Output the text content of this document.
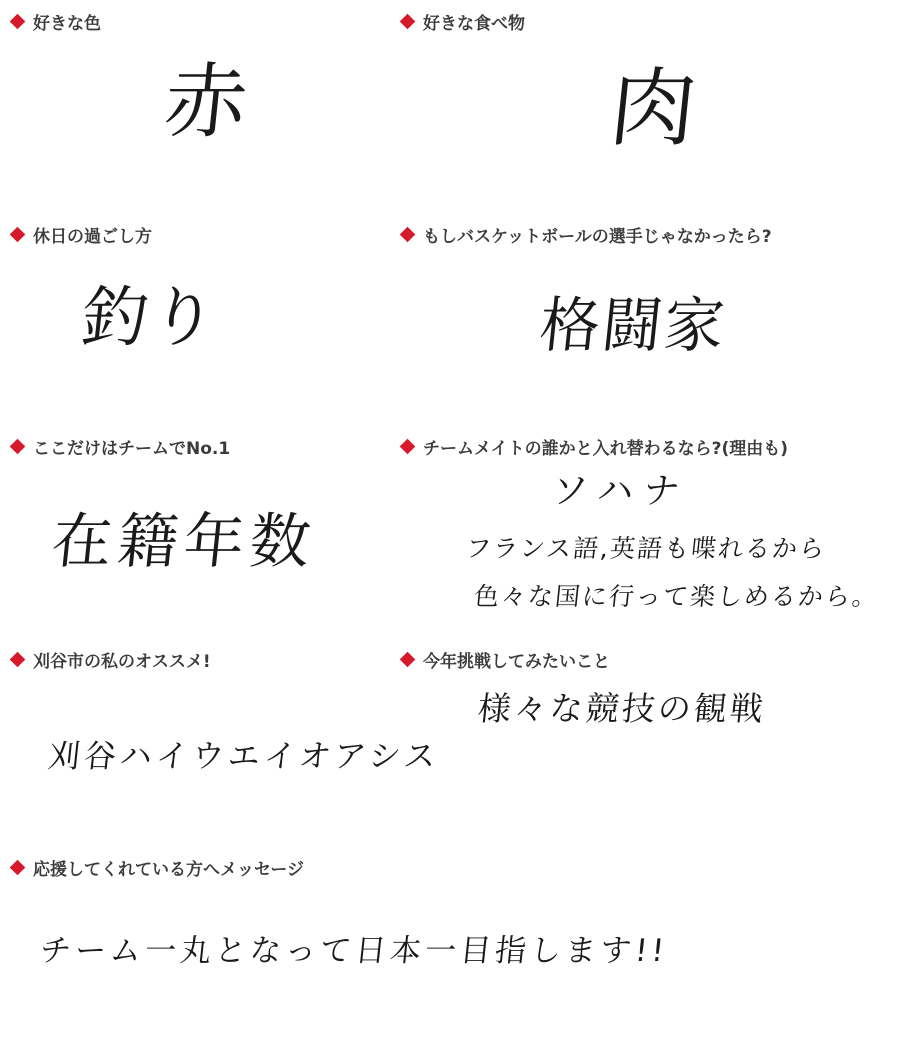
好きな色
赤
好きな食べ物
肉
休日の過ごし方
釣り
もしバスケットボールの選手じゃなかったら?
格闘家
ここだけはチームでNo.1
在籍年数
チームメイトの誰かと入れ替わるなら?(理由も)
ソハナ
フランス語,英語も喋れるから
色々な国に行って楽しめるから。
刈谷市の私のオススメ!
刈谷ハイウエイオアシス
今年挑戦してみたいこと
様々な競技の観戦
応援してくれている方へメッセージ
チーム一丸となって日本一目指します!!
